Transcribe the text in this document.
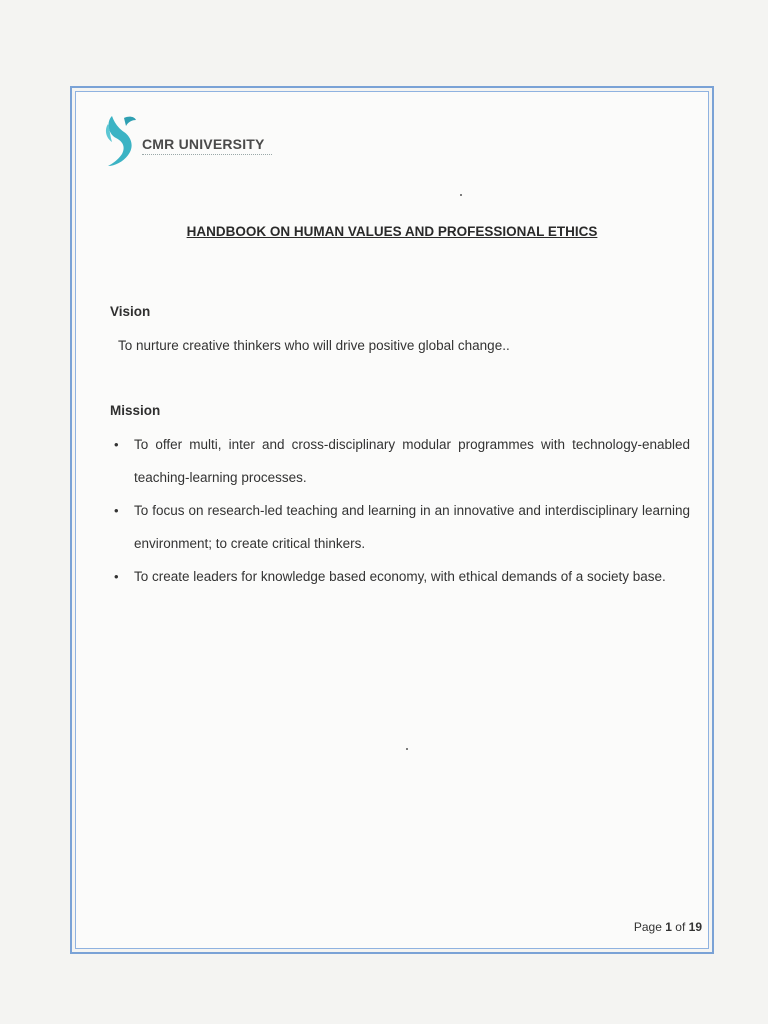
CMR UNIVERSITY
HANDBOOK ON HUMAN VALUES AND PROFESSIONAL ETHICS
Vision
To nurture creative thinkers who will drive positive global change..
Mission
• To offer multi, inter and cross-disciplinary modular programmes with technology-enabled teaching-learning processes.
• To focus on research-led teaching and learning in an innovative and interdisciplinary learning environment; to create critical thinkers.
• To create leaders for knowledge based economy, with ethical demands of a society base.
Page 1 of 19
